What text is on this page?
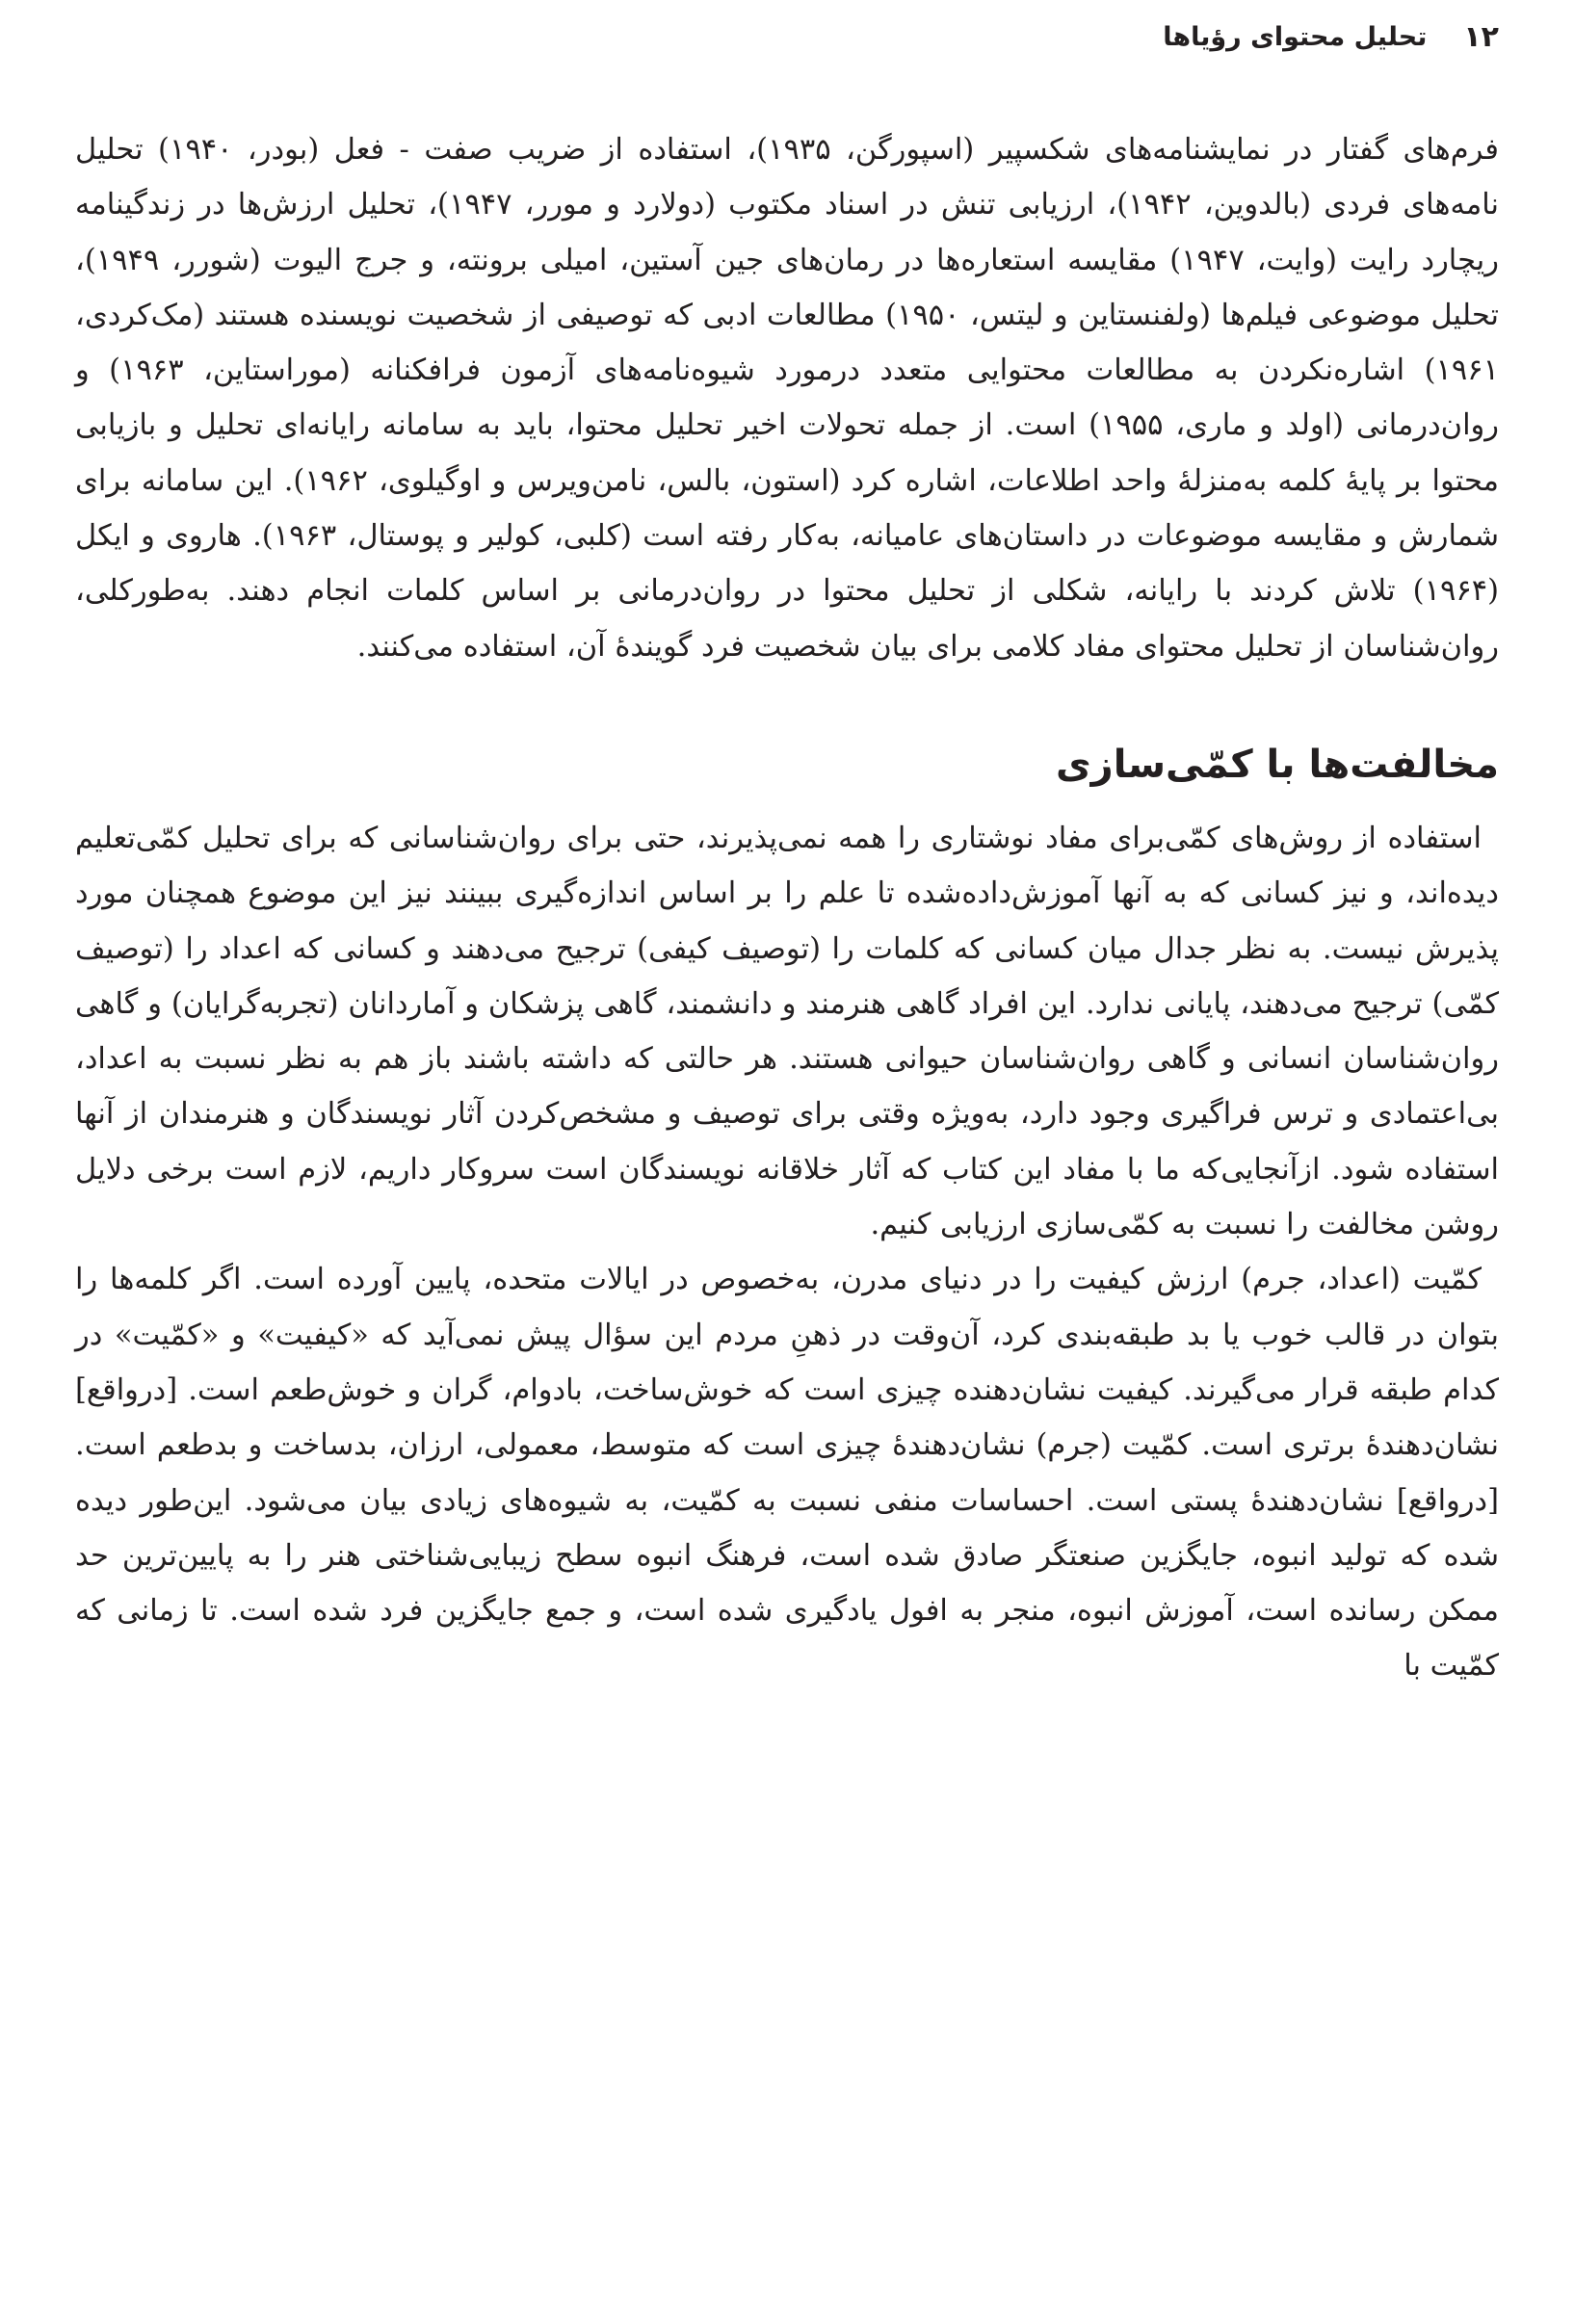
۱۲
تحلیل محتوای رؤیاها

فرم‌های گفتار در نمایشنامه‌های شکسپیر (اسپورگن، ۱۹۳۵)، استفاده از ضریب صفت - فعل (بودر، ۱۹۴۰) تحلیل نامه‌های فردی (بالدوین، ۱۹۴۲)، ارزیابی تنش در اسناد مکتوب (دولارد و مورر، ۱۹۴۷)، تحلیل ارزش‌ها در زندگینامه ریچارد رایت (وایت، ۱۹۴۷) مقایسه استعاره‌ها در رمان‌های جین آستین، امیلی برونته، و جرج الیوت (شورر، ۱۹۴۹)، تحلیل موضوعی فیلم‌ها (ولفنستاین و لیتس، ۱۹۵۰) مطالعات ادبی که توصیفی از شخصیت نویسنده هستند (مک‌کردی، ۱۹۶۱) اشاره‌نکردن به مطالعات محتوایی متعدد درمورد شیوه‌نامه‌های آزمون فرافکنانه (موراستاین، ۱۹۶۳) و روان‌درمانی (اولد و ماری، ۱۹۵۵) است. از جمله تحولات اخیر تحلیل محتوا، باید به سامانه رایانه‌ای تحلیل و بازیابی محتوا بر پایهٔ کلمه به‌منزلهٔ واحد اطلاعات، اشاره کرد (استون، بالس، نامن‌ویرس و اوگیلوی، ۱۹۶۲). این سامانه برای شمارش و مقایسه موضوعات در داستان‌های عامیانه، به‌کار رفته است (کلبی، کولیر و پوستال، ۱۹۶۳). هاروی و ایکل (۱۹۶۴) تلاش کردند با رایانه، شکلی از تحلیل محتوا در روان‌درمانی بر اساس کلمات انجام دهند. به‌طورکلی، روان‌شناسان از تحلیل محتوای مفاد کلامی برای بیان شخصیت فرد گویندهٔ آن، استفاده می‌کنند.

مخالفت‌ها با کمّی‌سازی

استفاده از روش‌های کمّی‌برای مفاد نوشتاری را همه نمی‌پذیرند، حتی برای روان‌شناسانی که برای تحلیل کمّی‌تعلیم دیده‌اند، و نیز کسانی که به آنها آموزش‌داده‌شده تا علم را بر اساس اندازه‌گیری ببینند نیز این موضوع همچنان مورد پذیرش نیست. به نظر جدال میان کسانی که کلمات را (توصیف کیفی) ترجیح می‌دهند و کسانی که اعداد را (توصیف کمّی) ترجیح می‌دهند، پایانی ندارد. این افراد گاهی هنرمند و دانشمند، گاهی پزشکان و آماردانان (تجربه‌گرایان) و گاهی روان‌شناسان انسانی و گاهی روان‌شناسان حیوانی هستند. هر حالتی که داشته باشند باز هم به نظر نسبت به اعداد، بی‌اعتمادی و ترس فراگیری وجود دارد، به‌ویژه وقتی برای توصیف و مشخص‌کردن آثار نویسندگان و هنرمندان از آنها استفاده شود. ازآنجایی‌که ما با مفاد این کتاب که آثار خلاقانه نویسندگان است سروکار داریم، لازم است برخی دلایل روشن مخالفت را نسبت به کمّی‌سازی ارزیابی کنیم.

کمّیت (اعداد، جرم) ارزش کیفیت را در دنیای مدرن، به‌خصوص در ایالات متحده، پایین آورده است. اگر کلمه‌ها را بتوان در قالب خوب یا بد طبقه‌بندی کرد، آن‌وقت در ذهنِ مردم این سؤال پیش نمی‌آید که «کیفیت» و «کمّیت» در کدام طبقه قرار می‌گیرند. کیفیت نشان‌دهنده چیزی است که خوش‌ساخت، بادوام، گران و خوش‌طعم است. [درواقع] نشان‌دهندهٔ برتری است. کمّیت (جرم) نشان‌دهندهٔ چیزی است که متوسط، معمولی، ارزان، بدساخت و بدطعم است. [درواقع] نشان‌دهندهٔ پستی است. احساسات منفی نسبت به کمّیت، به شیوه‌های زیادی بیان می‌شود. این‌طور دیده شده که تولید انبوه، جایگزین صنعتگر صادق شده است، فرهنگ انبوه سطح زیبایی‌شناختی هنر را به پایین‌ترین حد ممکن رسانده است، آموزش انبوه، منجر به افول یادگیری شده است، و جمع جایگزین فرد شده است. تا زمانی که کمّیت با
